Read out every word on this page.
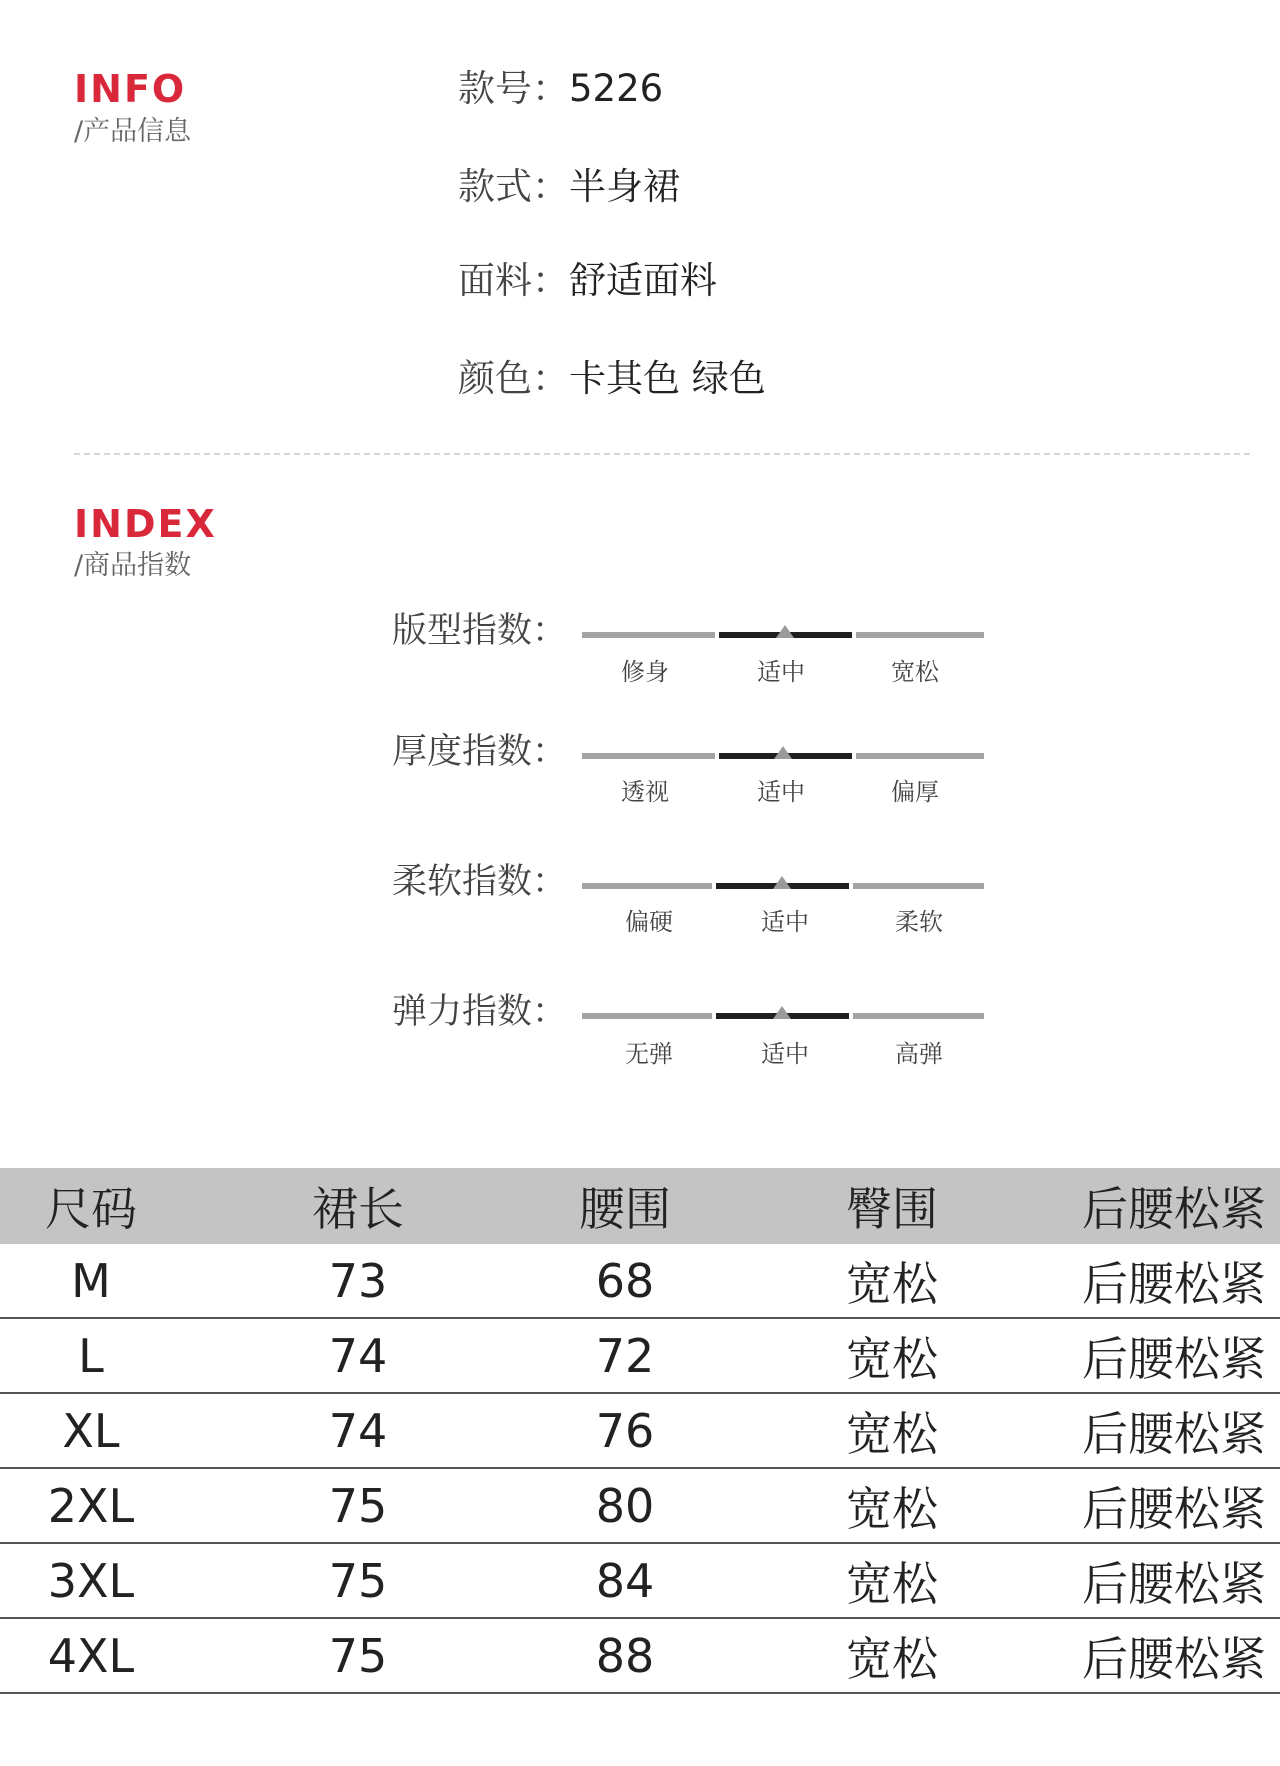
INFO
/产品信息
款号：5226
款式：半身裙
面料：舒适面料
颜色：卡其色 绿色
INDEX
/商品指数
版型指数：
修身	适中	宽松
厚度指数：
透视	适中	偏厚
柔软指数：
偏硬	适中	柔软
弹力指数：
无弹	适中	高弹
尺码	裙长	腰围	臀围	后腰松紧
M	73	68	宽松	后腰松紧
L	74	72	宽松	后腰松紧
XL	74	76	宽松	后腰松紧
2XL	75	80	宽松	后腰松紧
3XL	75	84	宽松	后腰松紧
4XL	75	88	宽松	后腰松紧
